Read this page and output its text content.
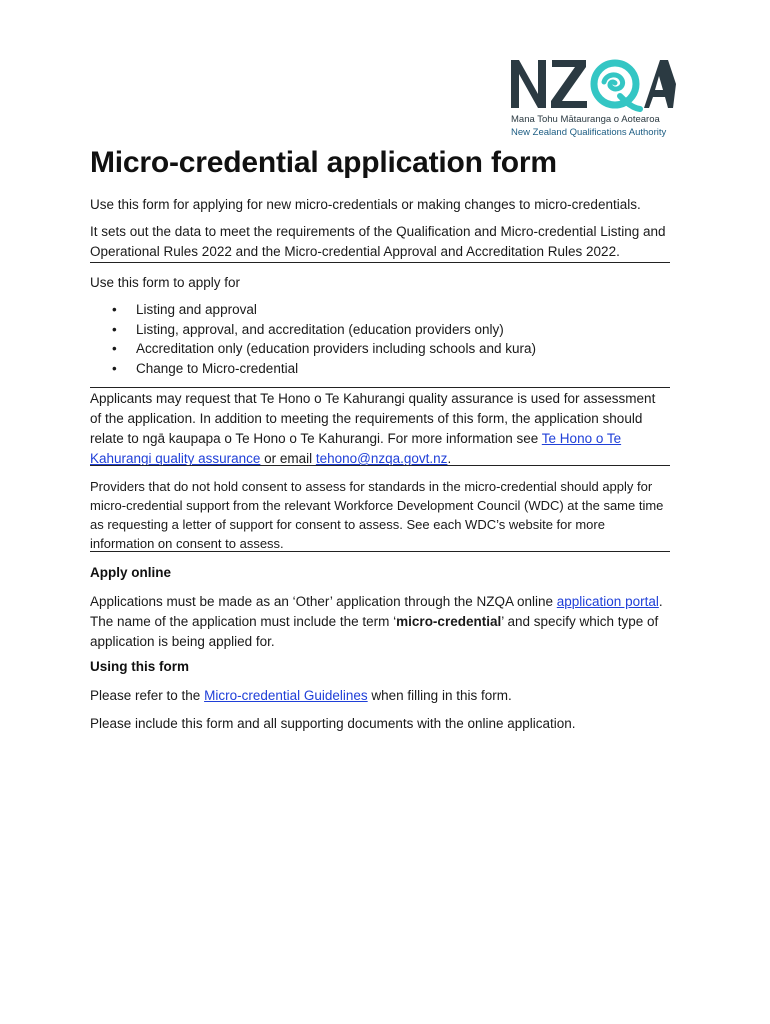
Mana Tohu Mātauranga o Aotearoa
New Zealand Qualifications Authority
Micro-credential application form

Use this form for applying for new micro-credentials or making changes to micro-credentials.

It sets out the data to meet the requirements of the Qualification and Micro-credential Listing and Operational Rules 2022 and the Micro-credential Approval and Accreditation Rules 2022.

Use this form to apply for

• Listing and approval
• Listing, approval, and accreditation (education providers only)
• Accreditation only (education providers including schools and kura)
• Change to Micro-credential

Applicants may request that Te Hono o Te Kahurangi quality assurance is used for assessment of the application. In addition to meeting the requirements of this form, the application should relate to ngā kaupapa o Te Hono o Te Kahurangi. For more information see Te Hono o Te Kahurangi quality assurance or email tehono@nzqa.govt.nz.

Providers that do not hold consent to assess for standards in the micro-credential should apply for micro-credential support from the relevant Workforce Development Council (WDC) at the same time as requesting a letter of support for consent to assess. See each WDC’s website for more information on consent to assess.

Apply online

Applications must be made as an ‘Other’ application through the NZQA online application portal. The name of the application must include the term ‘micro-credential’ and specify which type of application is being applied for.

Using this form

Please refer to the Micro-credential Guidelines when filling in this form.

Please include this form and all supporting documents with the online application.
